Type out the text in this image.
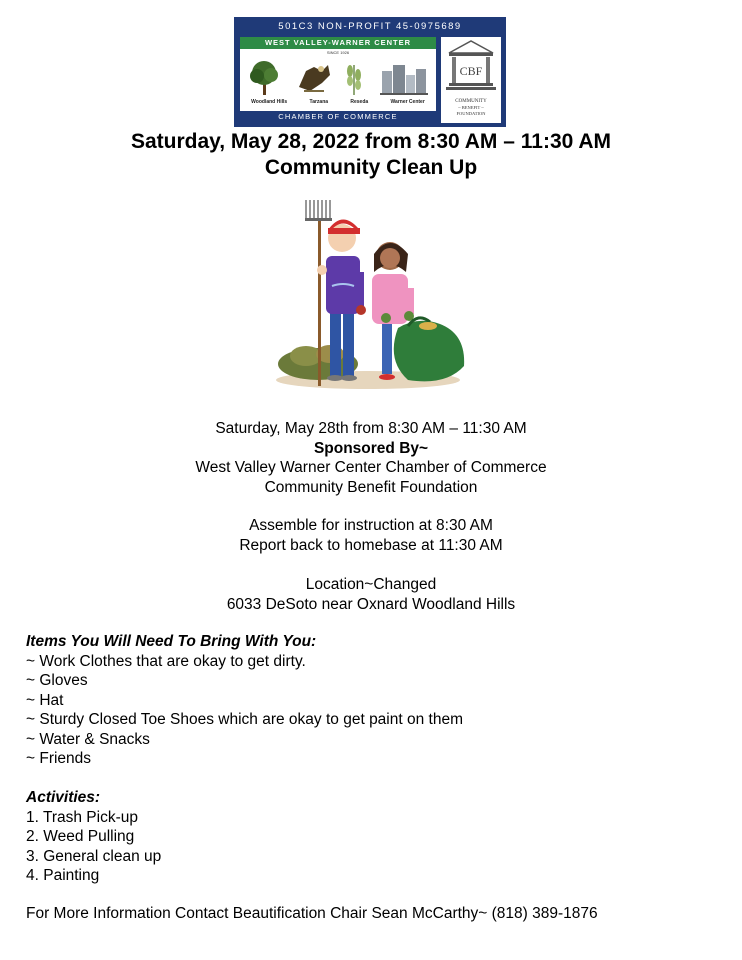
501C3 NON-PROFIT 45-0975689
WEST VALLEY-WARNER CENTER
SINCE 1926
Woodland Hills	Tarzana	Reseda	Warner Center
CHAMBER OF COMMERCE
CBF
COMMUNITY
~ BENEFIT ~
FOUNDATION
Saturday, May 28, 2022 from 8:30 AM – 11:30 AM
Community Clean Up
Saturday, May 28th from 8:30 AM – 11:30 AM
Sponsored By~
West Valley Warner Center Chamber of Commerce
Community Benefit Foundation
Assemble for instruction at 8:30 AM
Report back to homebase at 11:30 AM
Location~Changed
6033 DeSoto near Oxnard Woodland Hills
Items You Will Need To Bring With You:
~ Work Clothes that are okay to get dirty.
~ Gloves
~ Hat
~ Sturdy Closed Toe Shoes which are okay to get paint on them
~ Water & Snacks
~ Friends
Activities:
1. Trash Pick-up
2. Weed Pulling
3. General clean up
4. Painting
For More Information Contact Beautification Chair Sean McCarthy~ (818) 389-1876
